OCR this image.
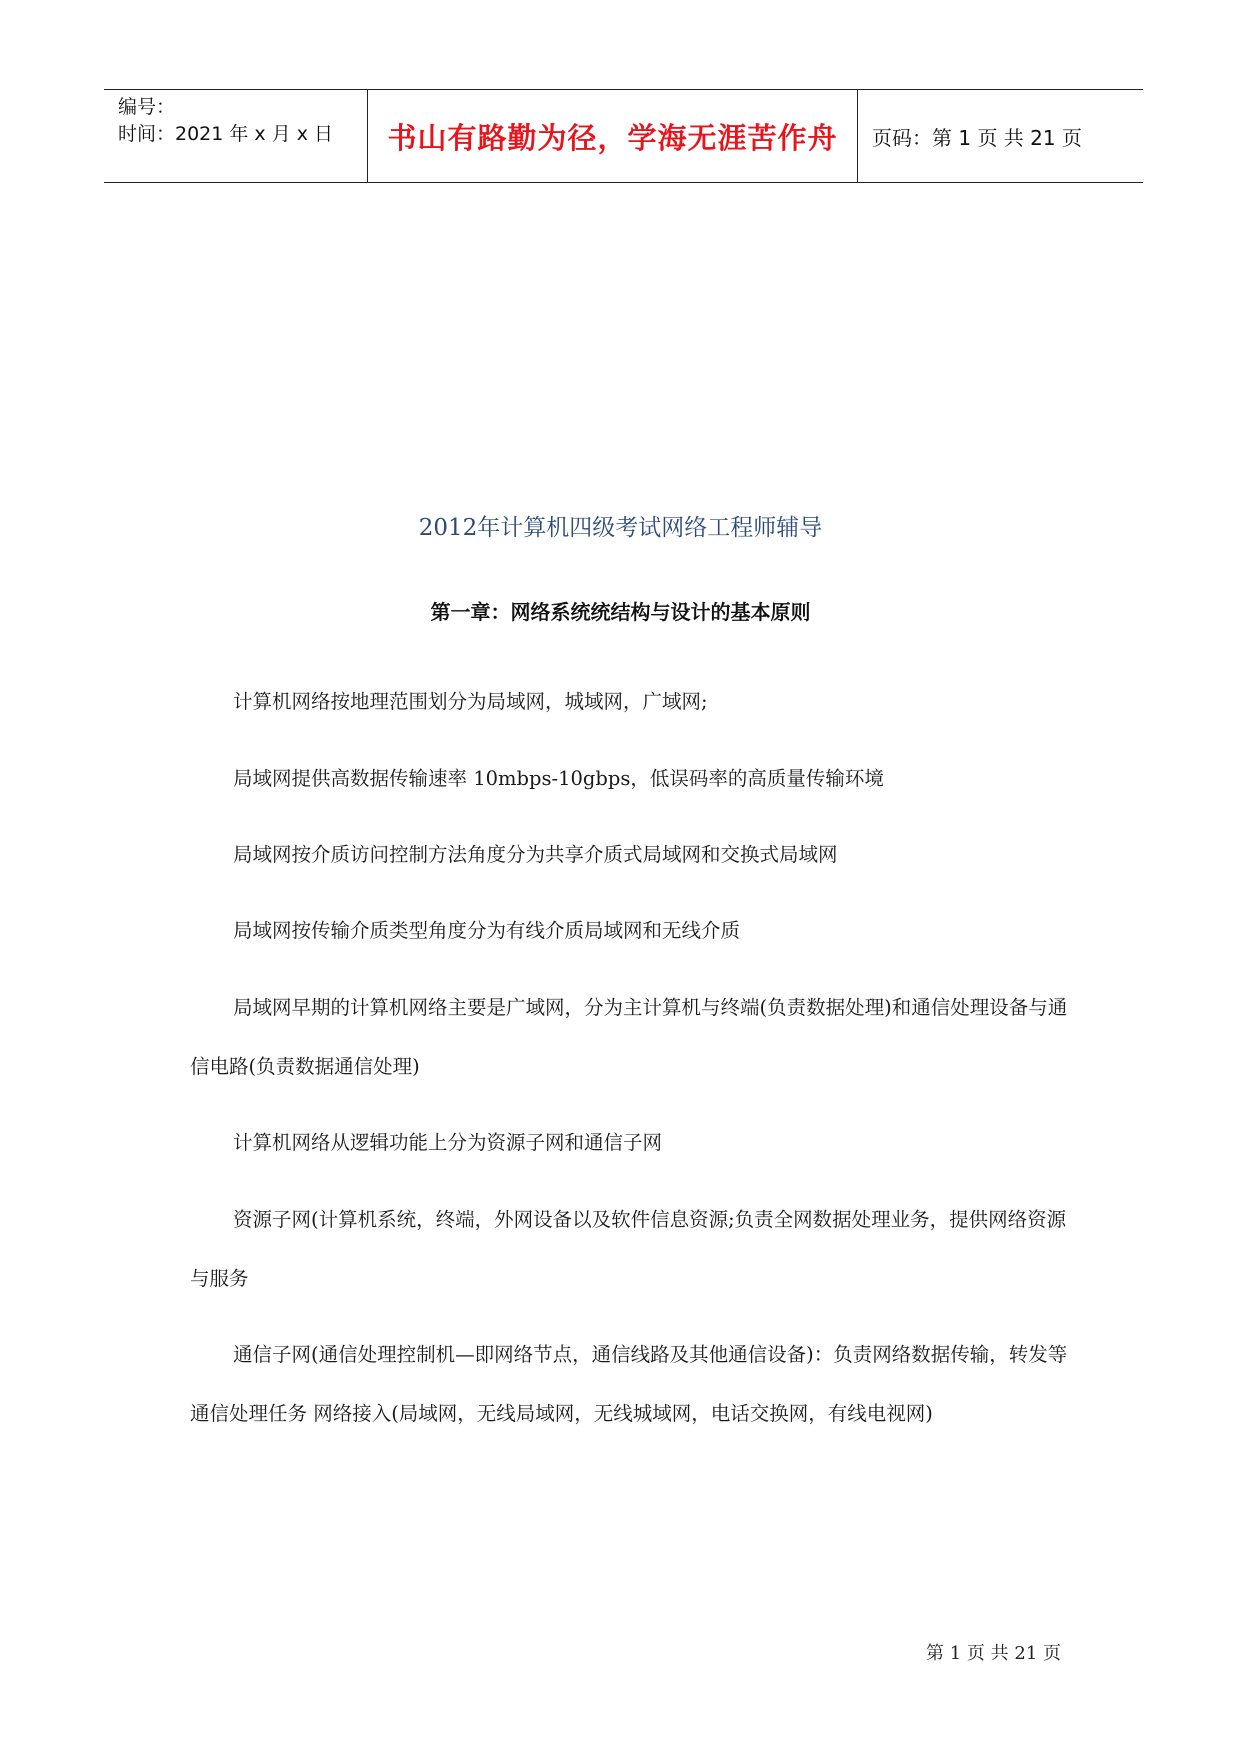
编号：
时间：2021 年 x 月 x 日	书山有路勤为径，学海无涯苦作舟	页码：第 1 页 共 21 页
2012年计算机四级考试网络工程师辅导
第一章：网络系统统结构与设计的基本原则
计算机网络按地理范围划分为局域网，城域网，广域网;
局域网提供高数据传输速率 10mbps-10gbps，低误码率的高质量传输环境
局域网按介质访问控制方法角度分为共享介质式局域网和交换式局域网
局域网按传输介质类型角度分为有线介质局域网和无线介质
局域网早期的计算机网络主要是广域网，分为主计算机与终端(负责数据处理)和通信处理设备与通信电路(负责数据通信处理)
计算机网络从逻辑功能上分为资源子网和通信子网
资源子网(计算机系统，终端，外网设备以及软件信息资源;负责全网数据处理业务，提供网络资源与服务
通信子网(通信处理控制机—即网络节点，通信线路及其他通信设备)：负责网络数据传输，转发等通信处理任务 网络接入(局域网，无线局域网，无线城域网，电话交换网，有线电视网)
第 1 页 共 21 页
